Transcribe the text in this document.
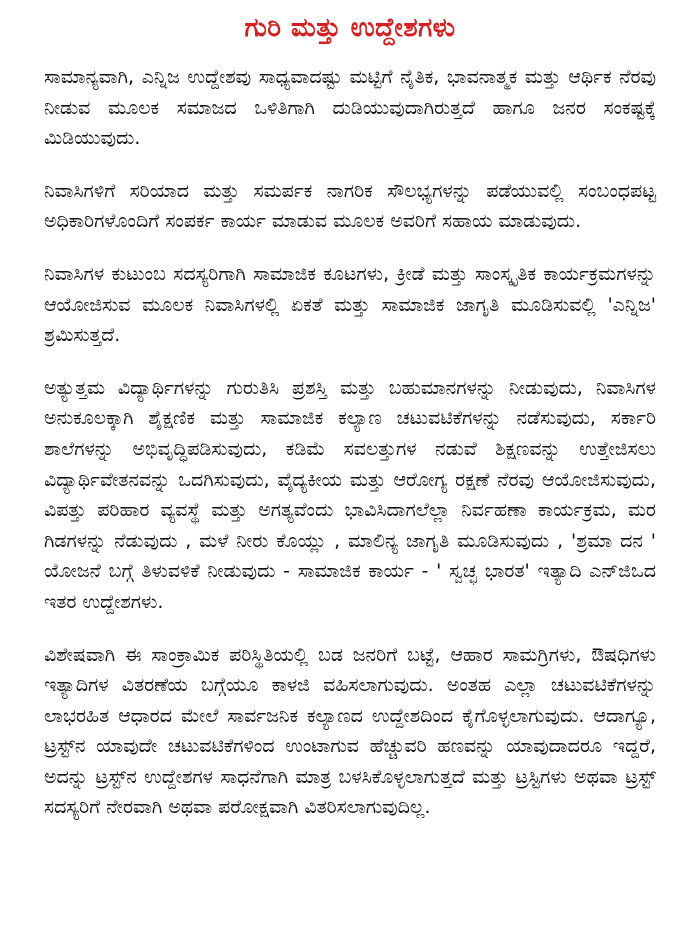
ಗುರಿ ಮತ್ತು ಉದ್ದೇಶಗಳು

ಸಾಮಾನ್ಯವಾಗಿ, ಎನ್ನಿಜ ಉದ್ದೇಶವು ಸಾಧ್ಯವಾದಷ್ಟು ಮಟ್ಟಿಗೆ ನೈತಿಕ, ಭಾವನಾತ್ಮಕ ಮತ್ತು ಆರ್ಥಿಕ ನೆರವು ನೀಡುವ ಮೂಲಕ ಸಮಾಜದ ಒಳಿತಿಗಾಗಿ ದುಡಿಯುವುದಾಗಿರುತ್ತದೆ ಹಾಗೂ ಜನರ ಸಂಕಷ್ಟಕ್ಕೆ ಮಿಡಿಯುವುದು.

ನಿವಾಸಿಗಳಿಗೆ ಸರಿಯಾದ ಮತ್ತು ಸಮರ್ಪಕ ನಾಗರಿಕ ಸೌಲಭ್ಯಗಳನ್ನು ಪಡೆಯುವಲ್ಲಿ ಸಂಬಂಧಪಟ್ಟ ಅಧಿಕಾರಿಗಳೊಂದಿಗೆ ಸಂಪರ್ಕ ಕಾರ್ಯ ಮಾಡುವ ಮೂಲಕ ಅವರಿಗೆ ಸಹಾಯ ಮಾಡುವುದು.

ನಿವಾಸಿಗಳ ಕುಟುಂಬ ಸದಸ್ಯರಿಗಾಗಿ ಸಾಮಾಜಿಕ ಕೂಟಗಳು, ಕ್ರೀಡೆ ಮತ್ತು ಸಾಂಸ್ಕೃತಿಕ ಕಾರ್ಯಕ್ರಮಗಳನ್ನು ಆಯೋಜಿಸುವ ಮೂಲಕ ನಿವಾಸಿಗಳಲ್ಲಿ ಏಕತೆ ಮತ್ತು ಸಾಮಾಜಿಕ ಜಾಗೃತಿ ಮೂಡಿಸುವಲ್ಲಿ 'ಎನ್ನಿಜ' ಶ್ರಮಿಸುತ್ತದೆ.

ಅತ್ಯುತ್ತಮ ವಿದ್ಯಾರ್ಥಿಗಳನ್ನು ಗುರುತಿಸಿ ಪ್ರಶಸ್ತಿ ಮತ್ತು ಬಹುಮಾನಗಳನ್ನು ನೀಡುವುದು, ನಿವಾಸಿಗಳ ಅನುಕೂಲಕ್ಕಾಗಿ ಶೈಕ್ಷಣಿಕ ಮತ್ತು ಸಾಮಾಜಿಕ ಕಲ್ಯಾಣ ಚಟುವಟಿಕೆಗಳನ್ನು ನಡೆಸುವುದು, ಸರ್ಕಾರಿ ಶಾಲೆಗಳನ್ನು ಅಭಿವೃದ್ಧಿಪಡಿಸುವುದು, ಕಡಿಮೆ ಸವಲತ್ತುಗಳ ನಡುವೆ ಶಿಕ್ಷಣವನ್ನು ಉತ್ತೇಜಿಸಲು ವಿದ್ಯಾರ್ಥಿವೇತನವನ್ನು ಒದಗಿಸುವುದು, ವೈದ್ಯಕೀಯ ಮತ್ತು ಆರೋಗ್ಯ ರಕ್ಷಣೆ ನೆರವು ಆಯೋಜಿಸುವುದು, ವಿಪತ್ತು ಪರಿಹಾರ ವ್ಯವಸ್ಥೆ ಮತ್ತು ಅಗತ್ಯವೆಂದು ಭಾವಿಸಿದಾಗಲೆಲ್ಲಾ ನಿರ್ವಹಣಾ ಕಾರ್ಯಕ್ರಮ, ಮರ ಗಿಡಗಳನ್ನು ನೆಡುವುದು , ಮಳೆ ನೀರು ಕೊಯ್ಲು , ಮಾಲಿನ್ಯ ಜಾಗೃತಿ ಮೂಡಿಸುವುದು , 'ಶ್ರಮಾ ದನ ' ಯೋಜನೆ ಬಗ್ಗೆ ತಿಳುವಳಿಕೆ ನೀಡುವುದು - ಸಾಮಾಜಿಕ ಕಾರ್ಯ - ' ಸ್ವಚ್ಛ ಭಾರತ' ಇತ್ಯಾದಿ ಎನ್‌ಜಿಒದ ಇತರ ಉದ್ದೇಶಗಳು.

ವಿಶೇಷವಾಗಿ ಈ ಸಾಂಕ್ರಾಮಿಕ ಪರಿಸ್ಥಿತಿಯಲ್ಲಿ ಬಡ ಜನರಿಗೆ ಬಟ್ಟೆ, ಆಹಾರ ಸಾಮಗ್ರಿಗಳು, ಔಷಧಿಗಳು ಇತ್ಯಾದಿಗಳ ವಿತರಣೆಯ ಬಗ್ಗೆಯೂ ಕಾಳಜಿ ವಹಿಸಲಾಗುವುದು. ಅಂತಹ ಎಲ್ಲಾ ಚಟುವಟಿಕೆಗಳನ್ನು ಲಾಭರಹಿತ ಆಧಾರದ ಮೇಲೆ ಸಾರ್ವಜನಿಕ ಕಲ್ಯಾಣದ ಉದ್ದೇಶದಿಂದ ಕೈಗೊಳ್ಳಲಾಗುವುದು. ಆದಾಗ್ಯೂ, ಟ್ರಸ್ಟ್‌ನ ಯಾವುದೇ ಚಟುವಟಿಕೆಗಳಿಂದ ಉಂಟಾಗುವ ಹೆಚ್ಚುವರಿ ಹಣವನ್ನು ಯಾವುದಾದರೂ ಇದ್ದರೆ, ಅದನ್ನು ಟ್ರಸ್ಟ್‌ನ ಉದ್ದೇಶಗಳ ಸಾಧನೆಗಾಗಿ ಮಾತ್ರ ಬಳಸಿಕೊಳ್ಳಲಾಗುತ್ತದೆ ಮತ್ತು ಟ್ರಸ್ಟಿಗಳು ಅಥವಾ ಟ್ರಸ್ಟ್ ಸದಸ್ಯರಿಗೆ ನೇರವಾಗಿ ಅಥವಾ ಪರೋಕ್ಷವಾಗಿ ವಿತರಿಸಲಾಗುವುದಿಲ್ಲ.
